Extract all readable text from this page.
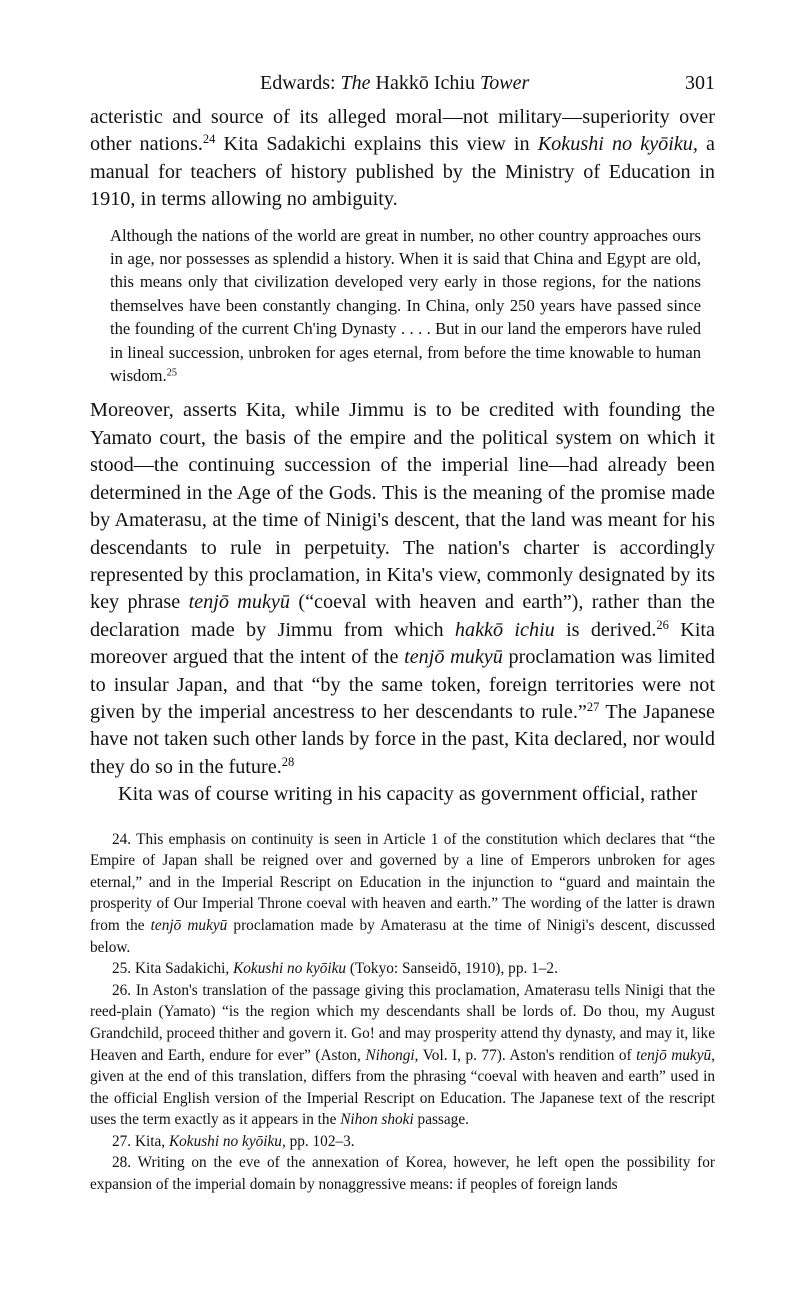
Edwards: The Hakkō Ichiu Tower	301

acteristic and source of its alleged moral—not military—superiority over other nations.$^{24}$ Kita Sadakichi explains this view in Kokushi no kyōiku, a manual for teachers of history published by the Ministry of Education in 1910, in terms allowing no ambiguity.

Although the nations of the world are great in number, no other country approaches ours in age, nor possesses as splendid a history. When it is said that China and Egypt are old, this means only that civilization developed very early in those regions, for the nations themselves have been constantly changing. In China, only 250 years have passed since the founding of the current Ch'ing Dynasty . . . . But in our land the emperors have ruled in lineal succession, unbroken for ages eternal, from before the time knowable to human wisdom.$^{25}$

Moreover, asserts Kita, while Jimmu is to be credited with founding the Yamato court, the basis of the empire and the political system on which it stood—the continuing succession of the imperial line—had already been determined in the Age of the Gods. This is the meaning of the promise made by Amaterasu, at the time of Ninigi's descent, that the land was meant for his descendants to rule in perpetuity. The nation's charter is accordingly represented by this proclamation, in Kita's view, commonly designated by its key phrase tenjō mukyū (“coeval with heaven and earth”), rather than the declaration made by Jimmu from which hakkō ichiu is derived.$^{26}$ Kita moreover argued that the intent of the tenjō mukyū proclamation was limited to insular Japan, and that “by the same token, foreign territories were not given by the imperial ancestress to her descendants to rule.”$^{27}$ The Japanese have not taken such other lands by force in the past, Kita declared, nor would they do so in the future.$^{28}$

Kita was of course writing in his capacity as government official, rather

24. This emphasis on continuity is seen in Article 1 of the constitution which declares that “the Empire of Japan shall be reigned over and governed by a line of Emperors unbroken for ages eternal,” and in the Imperial Rescript on Education in the injunction to “guard and maintain the prosperity of Our Imperial Throne coeval with heaven and earth.” The wording of the latter is drawn from the tenjō mukyū proclamation made by Amaterasu at the time of Ninigi's descent, discussed below.

25. Kita Sadakichi, Kokushi no kyōiku (Tokyo: Sanseidō, 1910), pp. 1–2.

26. In Aston's translation of the passage giving this proclamation, Amaterasu tells Ninigi that the reed-plain (Yamato) “is the region which my descendants shall be lords of. Do thou, my August Grandchild, proceed thither and govern it. Go! and may prosperity attend thy dynasty, and may it, like Heaven and Earth, endure for ever” (Aston, Nihongi, Vol. I, p. 77). Aston's rendition of tenjō mukyū, given at the end of this translation, differs from the phrasing “coeval with heaven and earth” used in the official English version of the Imperial Rescript on Education. The Japanese text of the rescript uses the term exactly as it appears in the Nihon shoki passage.

27. Kita, Kokushi no kyōiku, pp. 102–3.

28. Writing on the eve of the annexation of Korea, however, he left open the possibility for expansion of the imperial domain by nonaggressive means: if peoples of foreign lands
